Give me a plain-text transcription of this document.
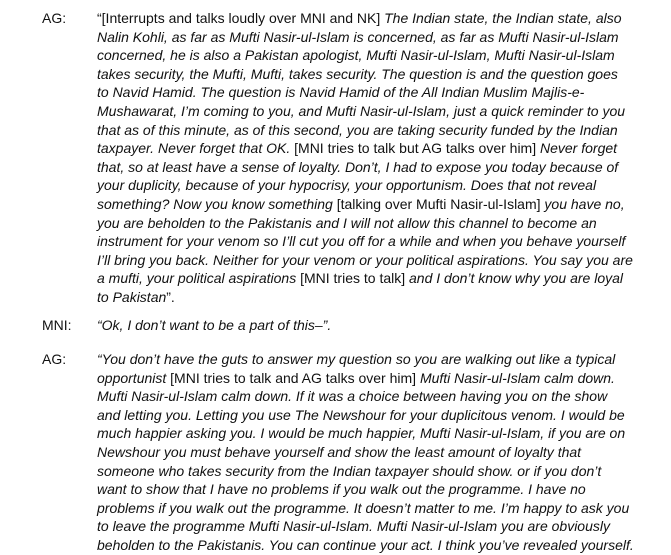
AG: “[Interrupts and talks loudly over MNI and NK] The Indian state, the Indian state, also
Nalin Kohli, as far as Mufti Nasir-ul-Islam is concerned, as far as Mufti Nasir-ul-Islam
concerned, he is also a Pakistan apologist, Mufti Nasir-ul-Islam, Mufti Nasir-ul-Islam
takes security, the Mufti, Mufti, takes security. The question is and the question goes
to Navid Hamid. The question is Navid Hamid of the All Indian Muslim Majlis-e-
Mushawarat, I’m coming to you, and Mufti Nasir-ul-Islam, just a quick reminder to you
that as of this minute, as of this second, you are taking security funded by the Indian
taxpayer. Never forget that OK. [MNI tries to talk but AG talks over him] Never forget
that, so at least have a sense of loyalty. Don’t, I had to expose you today because of
your duplicity, because of your hypocrisy, your opportunism. Does that not reveal
something? Now you know something [talking over Mufti Nasir-ul-Islam] you have no,
you are beholden to the Pakistanis and I will not allow this channel to become an
instrument for your venom so I’ll cut you off for a while and when you behave yourself
I’ll bring you back. Neither for your venom or your political aspirations. You say you are
a mufti, your political aspirations [MNI tries to talk] and I don’t know why you are loyal
to Pakistan”.
MNI: “Ok, I don’t want to be a part of this–”.
AG: “You don’t have the guts to answer my question so you are walking out like a typical
opportunist [MNI tries to talk and AG talks over him] Mufti Nasir-ul-Islam calm down.
Mufti Nasir-ul-Islam calm down. If it was a choice between having you on the show
and letting you. Letting you use The Newshour for your duplicitous venom. I would be
much happier asking you. I would be much happier, Mufti Nasir-ul-Islam, if you are on
Newshour you must behave yourself and show the least amount of loyalty that
someone who takes security from the Indian taxpayer should show. or if you don’t
want to show that I have no problems if you walk out the programme. I have no
problems if you walk out the programme. It doesn’t matter to me. I’m happy to ask you
to leave the programme Mufti Nasir-ul-Islam. Mufti Nasir-ul-Islam you are obviously
beholden to the Pakistanis. You can continue your act. I think you’ve revealed yourself.
